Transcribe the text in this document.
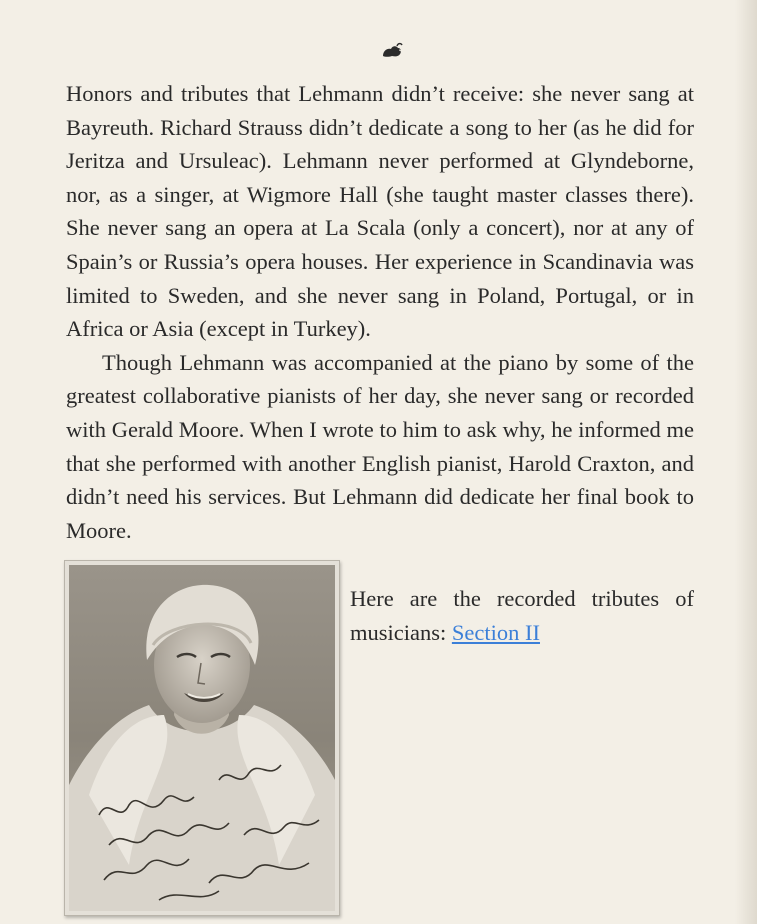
Honors and tributes that Lehmann didn’t receive: she never sang at Bayreuth. Richard Strauss didn’t dedicate a song to her (as he did for Jeritza and Ursuleac). Lehmann never performed at Glyndeborne, nor, as a singer, at Wigmore Hall (she taught master classes there). She never sang an opera at La Scala (only a concert), nor at any of Spain’s or Russia’s opera houses. Her experience in Scandinavia was limited to Sweden, and she never sang in Poland, Portugal, or in Africa or Asia (except in Turkey).

Though Lehmann was accompanied at the piano by some of the greatest collaborative pianists of her day, she never sang or recorded with Gerald Moore. When I wrote to him to ask why, he informed me that she performed with another English pianist, Harold Craxton, and didn’t need his services. But Lehmann did dedicate her final book to Moore.

Here are the recorded tributes of musicians: Section II
